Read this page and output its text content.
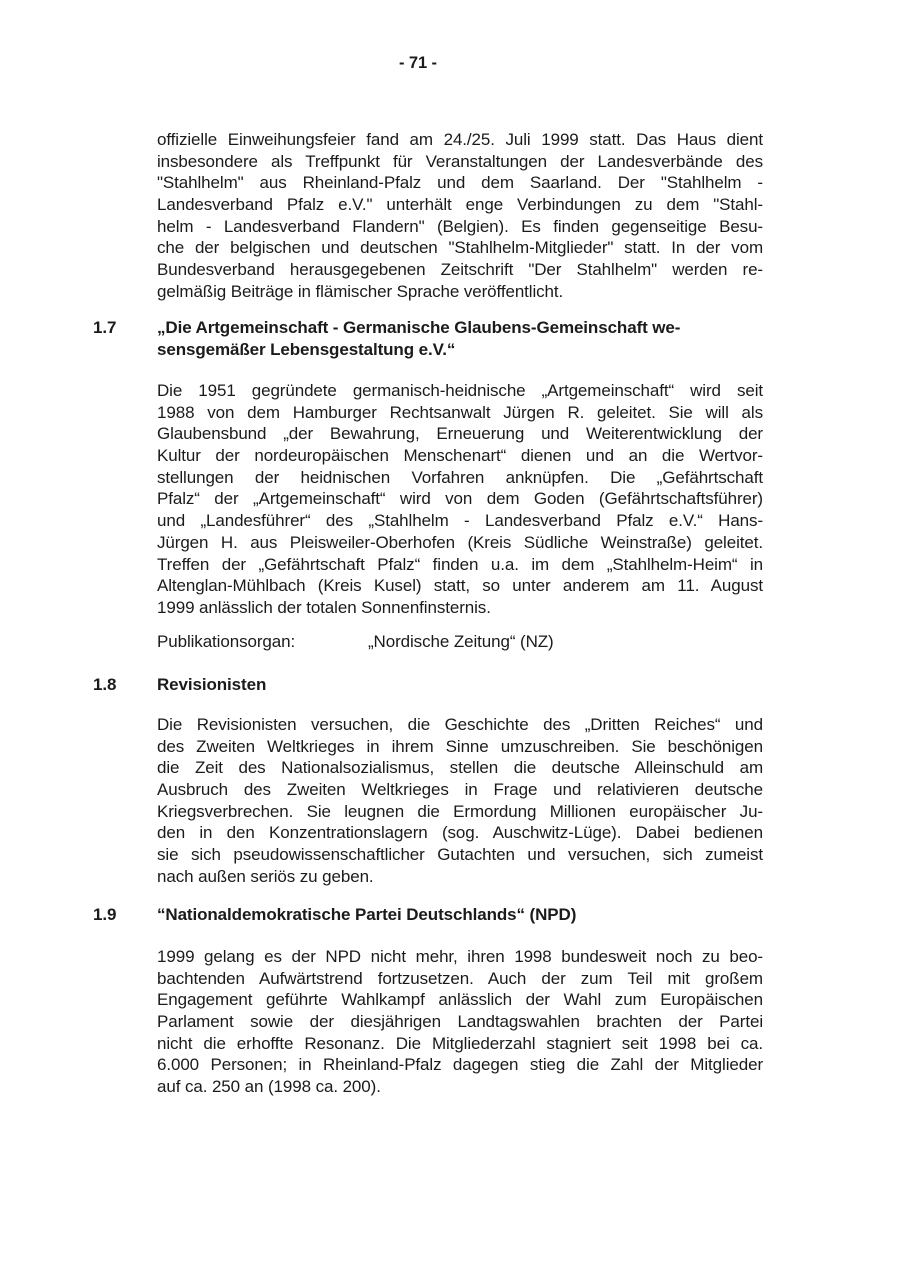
- 71 -
offizielle Einweihungsfeier fand am 24./25. Juli 1999 statt. Das Haus dient
insbesondere als Treffpunkt für Veranstaltungen der Landesverbände des
"Stahlhelm" aus Rheinland-Pfalz und dem Saarland. Der "Stahlhelm -
Landesverband Pfalz e.V." unterhält enge Verbindungen zu dem "Stahl-
helm - Landesverband Flandern" (Belgien). Es finden gegenseitige Besu-
che der belgischen und deutschen "Stahlhelm-Mitglieder" statt. In der vom
Bundesverband herausgegebenen Zeitschrift "Der Stahlhelm" werden re-
gelmäßig Beiträge in flämischer Sprache veröffentlicht.
1.7 „Die Artgemeinschaft - Germanische Glaubens-Gemeinschaft we-
sensgemäßer Lebensgestaltung e.V.“
Die 1951 gegründete germanisch-heidnische „Artgemeinschaft“ wird seit
1988 von dem Hamburger Rechtsanwalt Jürgen R. geleitet. Sie will als
Glaubensbund „der Bewahrung, Erneuerung und Weiterentwicklung der
Kultur der nordeuropäischen Menschenart“ dienen und an die Wertvor-
stellungen der heidnischen Vorfahren anknüpfen. Die „Gefährtschaft
Pfalz“ der „Artgemeinschaft“ wird von dem Goden (Gefährtschaftsführer)
und „Landesführer“ des „Stahlhelm - Landesverband Pfalz e.V.“ Hans-
Jürgen H. aus Pleisweiler-Oberhofen (Kreis Südliche Weinstraße) geleitet.
Treffen der „Gefährtschaft Pfalz“ finden u.a. im dem „Stahlhelm-Heim“ in
Altenglan-Mühlbach (Kreis Kusel) statt, so unter anderem am 11. August
1999 anlässlich der totalen Sonnenfinsternis.
Publikationsorgan:	„Nordische Zeitung“ (NZ)
1.8 Revisionisten
Die Revisionisten versuchen, die Geschichte des „Dritten Reiches“ und
des Zweiten Weltkrieges in ihrem Sinne umzuschreiben. Sie beschönigen
die Zeit des Nationalsozialismus, stellen die deutsche Alleinschuld am
Ausbruch des Zweiten Weltkrieges in Frage und relativieren deutsche
Kriegsverbrechen. Sie leugnen die Ermordung Millionen europäischer Ju-
den in den Konzentrationslagern (sog. Auschwitz-Lüge). Dabei bedienen
sie sich pseudowissenschaftlicher Gutachten und versuchen, sich zumeist
nach außen seriös zu geben.
1.9 “Nationaldemokratische Partei Deutschlands“ (NPD)
1999 gelang es der NPD nicht mehr, ihren 1998 bundesweit noch zu beo-
bachtenden Aufwärtstrend fortzusetzen. Auch der zum Teil mit großem
Engagement geführte Wahlkampf anlässlich der Wahl zum Europäischen
Parlament sowie der diesjährigen Landtagswahlen brachten der Partei
nicht die erhoffte Resonanz. Die Mitgliederzahl stagniert seit 1998 bei ca.
6.000 Personen; in Rheinland-Pfalz dagegen stieg die Zahl der Mitglieder
auf ca. 250 an (1998 ca. 200).
